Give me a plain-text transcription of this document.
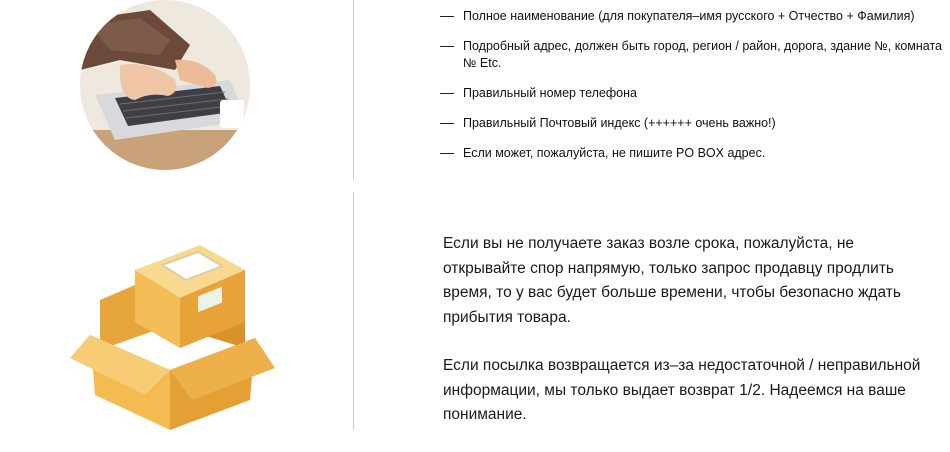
Полное наименование (для покупателя–имя русского + Отчество + Фамилия)
Подробный адрес, должен быть город, регион / район, дорога, здание №, комната № Etc.
Правильный номер телефона
Правильный Почтовый индекс (++++++ очень важно!)
Если может, пожалуйста, не пишите PO BOX адрес.

Если вы не получаете заказ возле срока, пожалуйста, не открывайте спор напрямую, только запрос продавцу продлить время, то у вас будет больше времени, чтобы безопасно ждать прибытия товара.

Если посылка возвращается из–за недостаточной / неправильной информации, мы только выдает возврат 1/2. Надеемся на ваше понимание.
